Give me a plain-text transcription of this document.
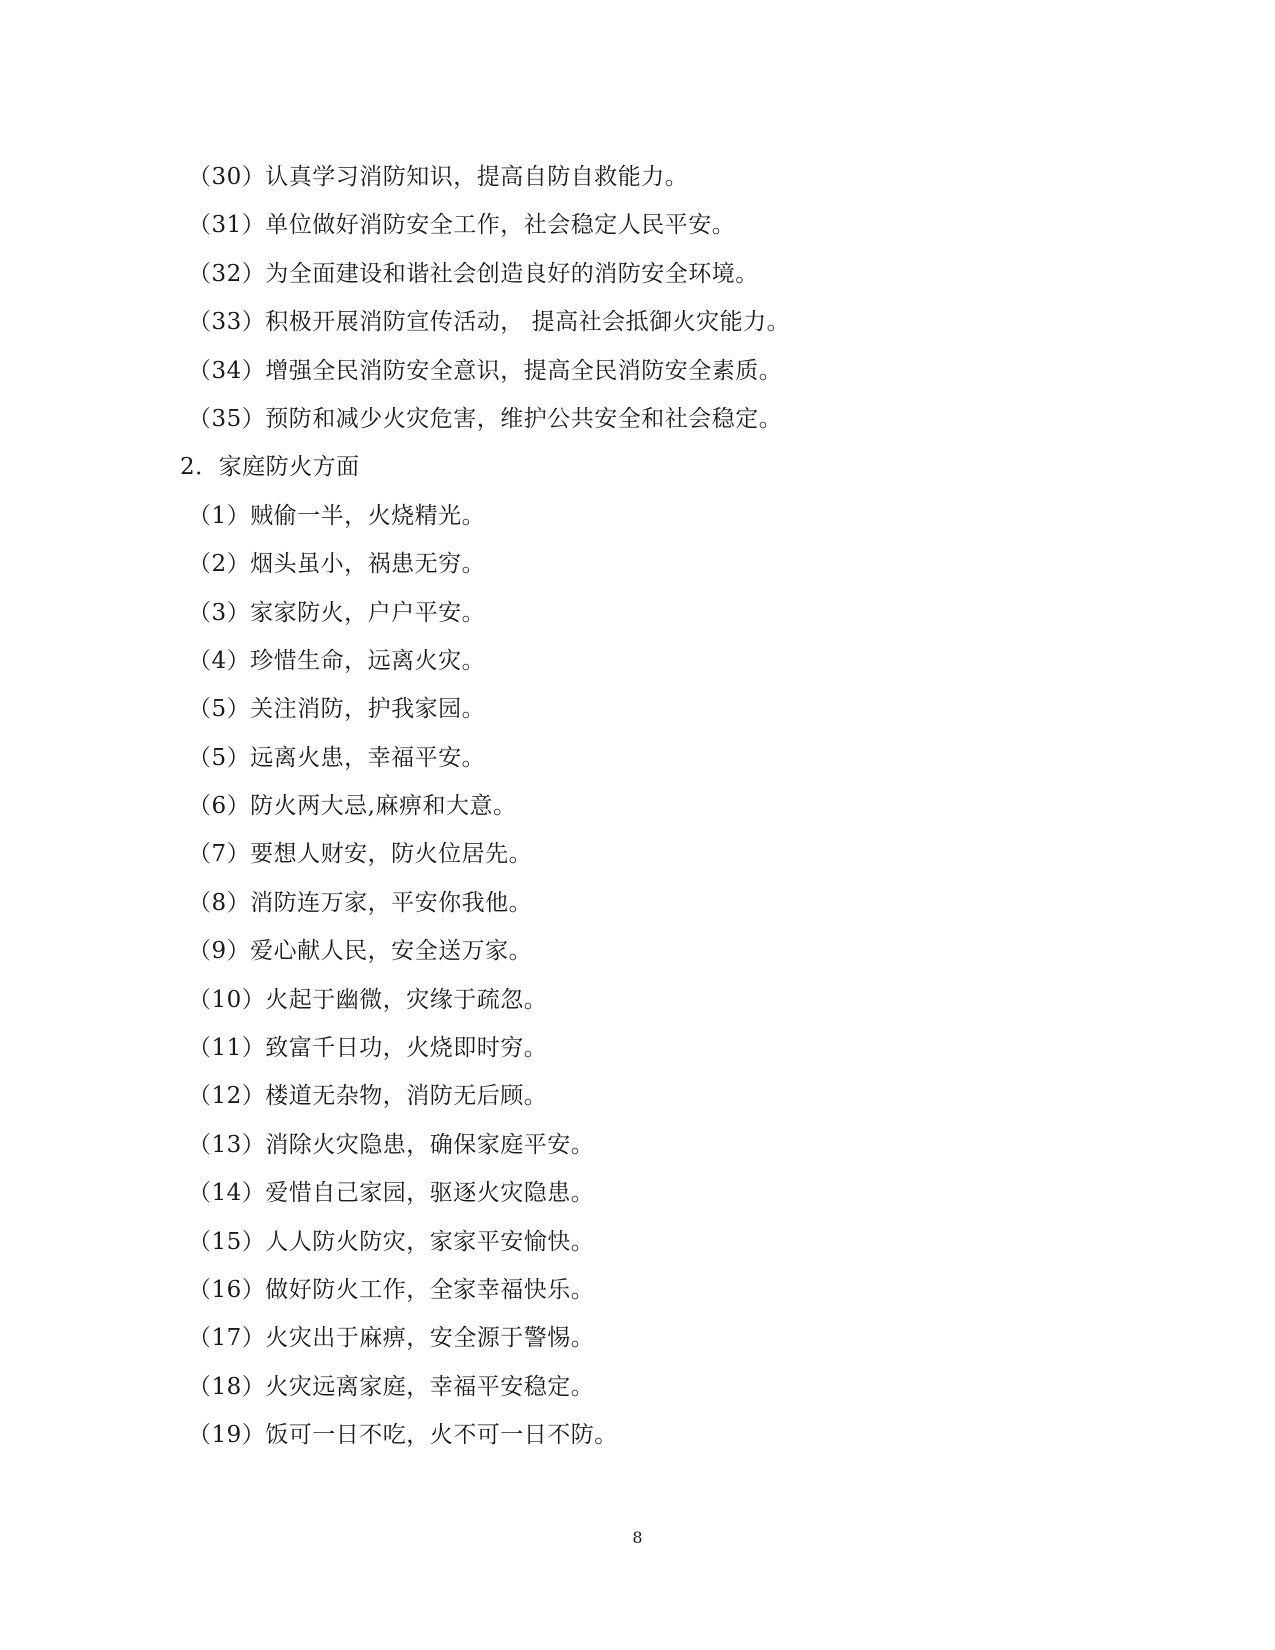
（30）认真学习消防知识，提高自防自救能力。
（31）单位做好消防安全工作，社会稳定人民平安。
（32）为全面建设和谐社会创造良好的消防安全环境。
（33）积极开展消防宣传活动， 提高社会抵御火灾能力。
（34）增强全民消防安全意识，提高全民消防安全素质。
（35）预防和减少火灾危害，维护公共安全和社会稳定。
2．家庭防火方面
（1）贼偷一半，火烧精光。
（2）烟头虽小，祸患无穷。
（3）家家防火，户户平安。
（4）珍惜生命，远离火灾。
（5）关注消防，护我家园。
（5）远离火患，幸福平安。
（6）防火两大忌,麻痹和大意。
（7）要想人财安，防火位居先。
（8）消防连万家，平安你我他。
（9）爱心献人民，安全送万家。
（10）火起于幽微，灾缘于疏忽。
（11）致富千日功，火烧即时穷。
（12）楼道无杂物，消防无后顾。
（13）消除火灾隐患，确保家庭平安。
（14）爱惜自己家园，驱逐火灾隐患。
（15）人人防火防灾，家家平安愉快。
（16）做好防火工作，全家幸福快乐。
（17）火灾出于麻痹，安全源于警惕。
（18）火灾远离家庭，幸福平安稳定。
（19）饭可一日不吃，火不可一日不防。
8
